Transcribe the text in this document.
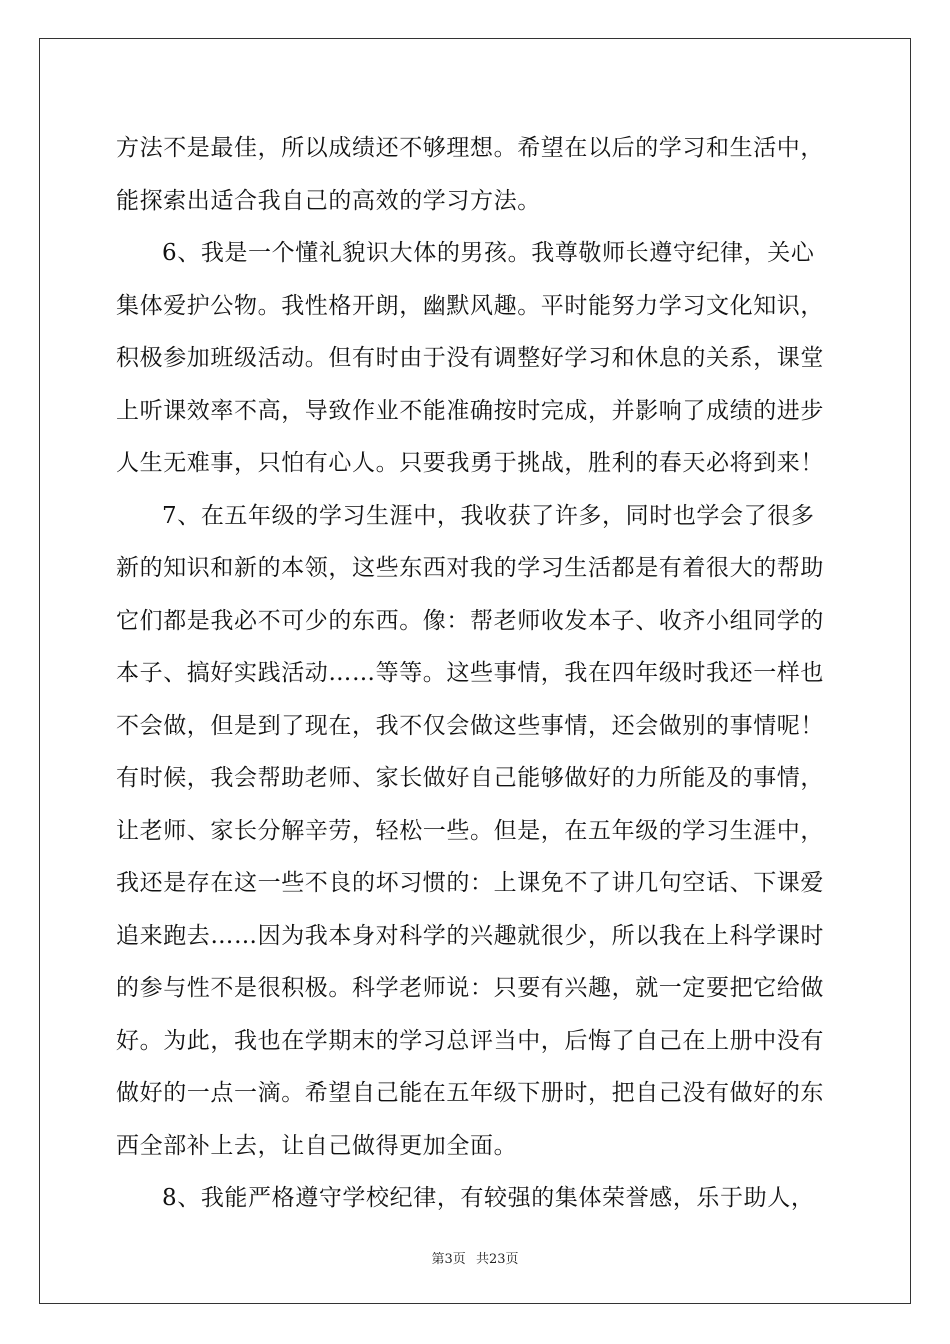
方法不是最佳，所以成绩还不够理想。希望在以后的学习和生活中，
能探索出适合我自己的高效的学习方法。
6、我是一个懂礼貌识大体的男孩。我尊敬师长遵守纪律，关心
集体爱护公物。我性格开朗，幽默风趣。平时能努力学习文化知识，
积极参加班级活动。但有时由于没有调整好学习和休息的关系，课堂
上听课效率不高，导致作业不能准确按时完成，并影响了成绩的进步
人生无难事，只怕有心人。只要我勇于挑战，胜利的春天必将到来！
7、在五年级的学习生涯中，我收获了许多，同时也学会了很多
新的知识和新的本领，这些东西对我的学习生活都是有着很大的帮助
它们都是我必不可少的东西。像：帮老师收发本子、收齐小组同学的
本子、搞好实践活动……等等。这些事情，我在四年级时我还一样也
不会做，但是到了现在，我不仅会做这些事情，还会做别的事情呢！
有时候，我会帮助老师、家长做好自己能够做好的力所能及的事情，
让老师、家长分解辛劳，轻松一些。但是，在五年级的学习生涯中，
我还是存在这一些不良的坏习惯的：上课免不了讲几句空话、下课爱
追来跑去……因为我本身对科学的兴趣就很少，所以我在上科学课时
的参与性不是很积极。科学老师说：只要有兴趣，就一定要把它给做
好。为此，我也在学期末的学习总评当中，后悔了自己在上册中没有
做好的一点一滴。希望自己能在五年级下册时，把自己没有做好的东
西全部补上去，让自己做得更加全面。
8、我能严格遵守学校纪律，有较强的集体荣誉感，乐于助人，
第3页 共23页
